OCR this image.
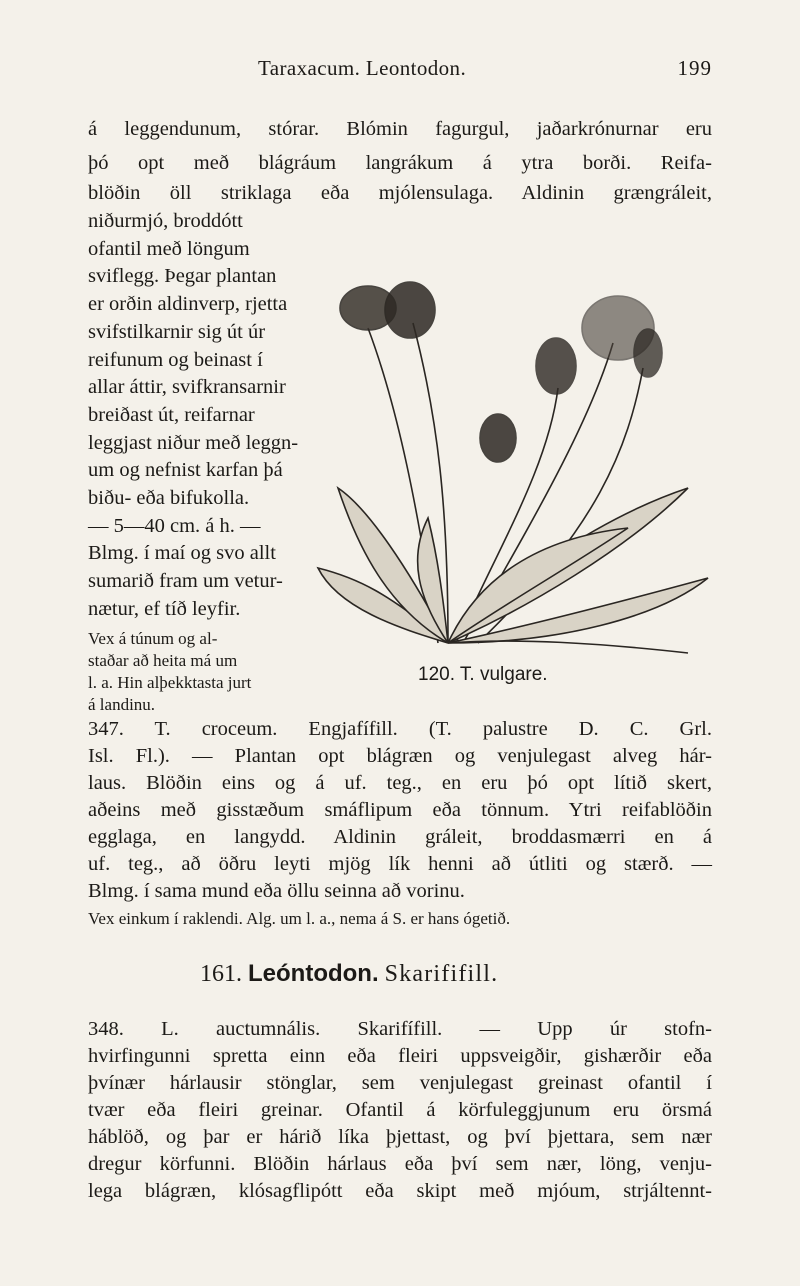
Taraxacum. Leontodon.	199
á leggendunum, stórar. Blómin fagurgul, jaðarkrónurnar eru
þó opt með blágráum langrákum á ytra borði. Reifa-
blöðin öll striklaga eða mjólensulaga. Aldinin grængráleit,
niðurmjó, broddótt
ofantil með löngum
sviflegg. Þegar plantan
er orðin aldinverp, rjetta
svifstilkarnir sig út úr
reifunum og beinast í
allar áttir, svifkransarnir
breiðast út, reifarnar
leggjast niður með leggn-
um og nefnist karfan þá
biðu- eða bifukolla.
— 5—40 cm. á h. —
Blmg. í maí og svo allt
sumarið fram um vetur-
nætur, ef tíð leyfir.
Vex á túnum og al-
staðar að heita má um
l. a. Hin alþekktasta jurt
á landinu.
120. T. vulgare.
347. T. croceum. Engjafífill. (T. palustre D. C. Grl.
Isl. ⁠Fl.). — Plantan opt blágræn og venjulegast alveg hár-
laus. Blöðin eins og á uf. teg., en eru þó opt lítið skert,
aðeins með gisstæðum smáflipum eða tönnum. Ytri reifablöðin
egglaga, en langydd. Aldinin gráleit, broddasmærri en á
uf. teg., að öðru leyti mjög lík henni að útliti og stærð. —
Blmg. í sama mund eða öllu seinna að vorinu.
Vex einkum í raklendi. Alg. um l. a., nema á S. er hans ógetið.
161. Leóntodon. Skarififill.
348. L. auctumnális. Skarifífill. — Upp úr stofn-
hvirfingunni spretta einn eða fleiri uppsveigðir, gishærðir eða
þvínær hárlausir stönglar, sem venjulegast greinast ofantil í
tvær eða fleiri greinar. Ofantil á körfuleggjunum eru örsmá
háblöð, og þar er hárið líka þjettast, og því þjettara, sem nær
dregur körfunni. Blöðin hárlaus eða því sem nær, löng, venju-
lega blágræn, klósagflipótt eða skipt með mjóum, strjáltennt-
